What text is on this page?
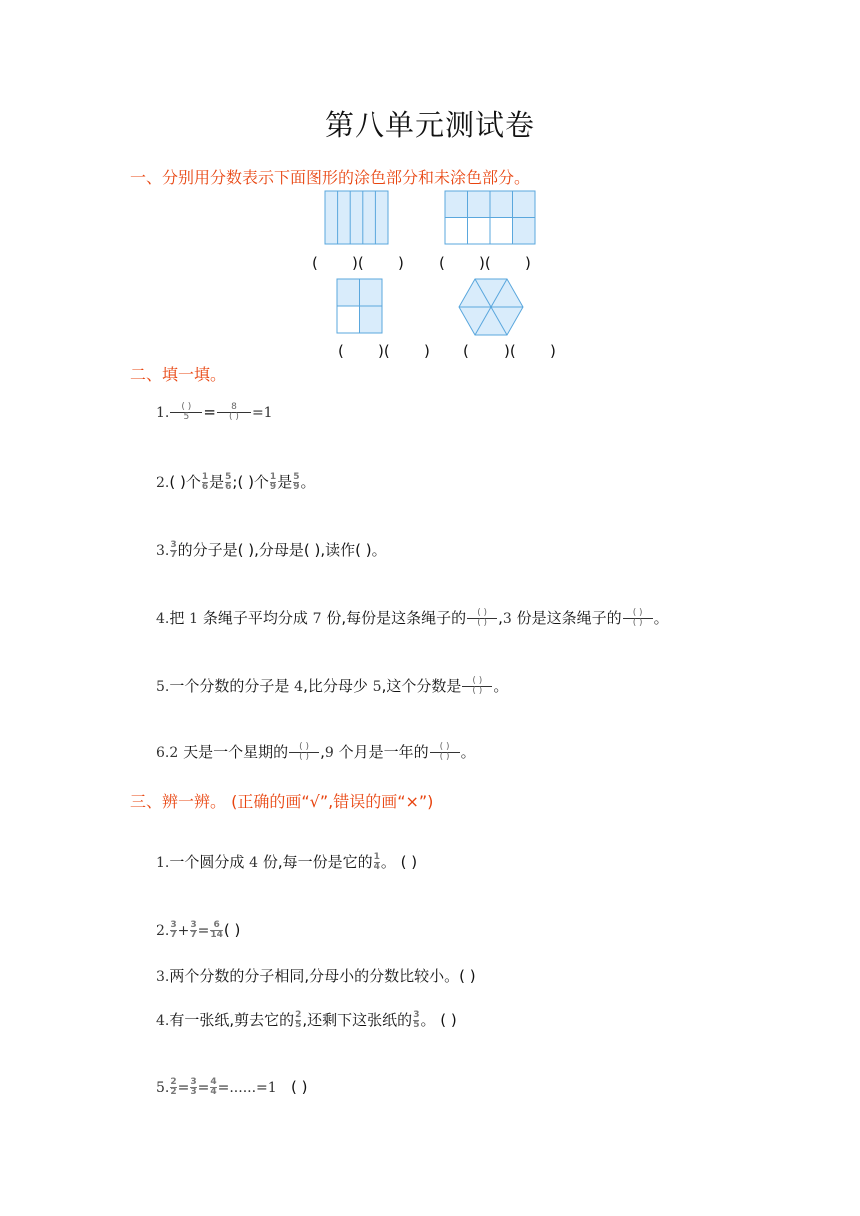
第八单元测试卷
一、分别用分数表示下面图形的涂色部分和未涂色部分。
( )( ) ( )( )
( )( ) ( )( )
二、填一填。
1.	( )
5 =	8
( ) =1
2.( )个 $\frac{1}{6}$ 是 $\frac{5}{6}$ ;( )个 $\frac{1}{9}$ 是 $\frac{5}{9}$ 。
3. $\frac{3}{7}$ 的分子是( ),分母是( ),读作( )。
4.把 1 条绳子平均分成 7 份,每份是这条绳子的	( )
( ) ,3 份是这条绳子的	( )
( ) 。
5.一个分数的分子是 4,比分母少 5,这个分数是	( )
( ) 。
6.2 天是一个星期的	( )
( ) ,9 个月是一年的	( )
( ) 。
三、辨一辨。 (正确的画“√”,错误的画“×”)
1.一个圆分成 4 份,每一份是它的 $\frac{1}{4}$ 。 ( )
2. $\frac{3}{7} + \frac{3}{7} = \frac{6}{14}$ ( )
3.两个分数的分子相同,分母小的分数比较小。( )
4.有一张纸,剪去它的 $\frac{2}{5}$ ,还剩下这张纸的 $\frac{3}{5}$ 。 ( )
5. $\frac{2}{2} = \frac{3}{3} = \frac{4}{4} =......=1$ ( )
